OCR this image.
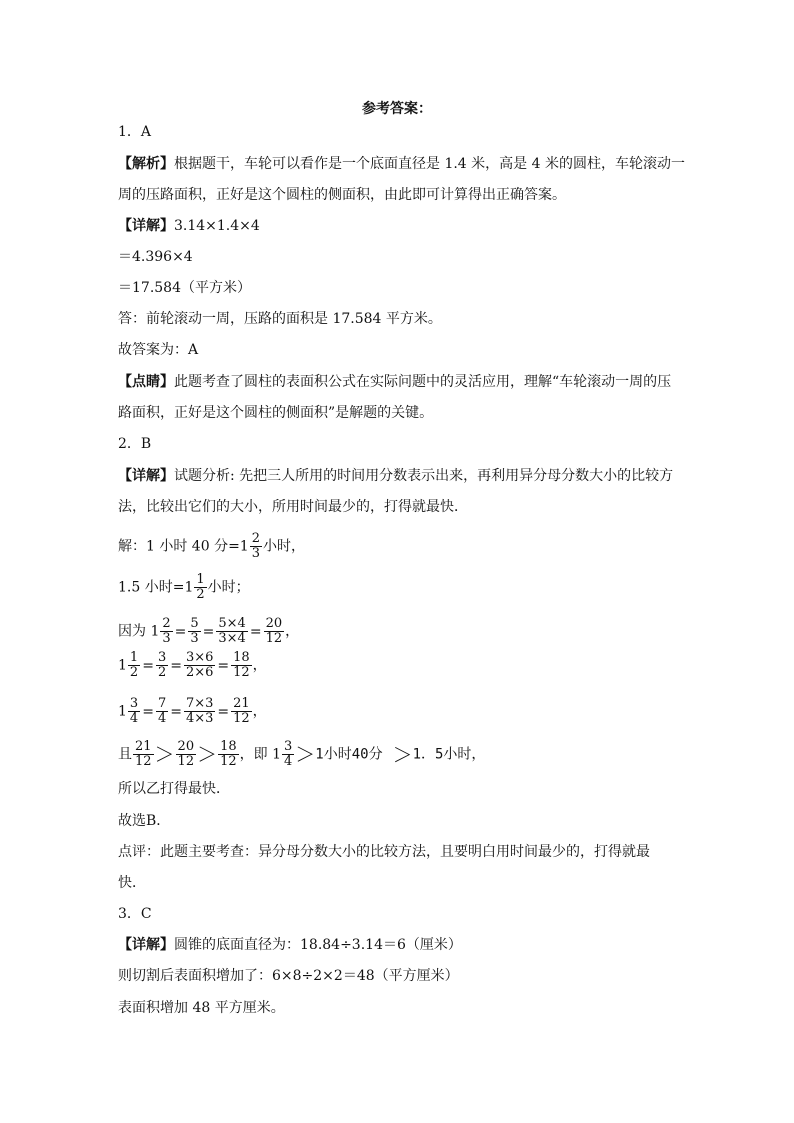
参考答案：
1．A
【解析】根据题干，车轮可以看作是一个底面直径是 1.4 米，高是 4 米的圆柱，车轮滚动一
周的压路面积，正好是这个圆柱的侧面积，由此即可计算得出正确答案。
【详解】3.14×1.4×4
＝4.396×4
＝17.584（平方米）
答：前轮滚动一周，压路的面积是 17.584 平方米。
故答案为：A
【点睛】此题考查了圆柱的表面积公式在实际问题中的灵活应用，理解“车轮滚动一周的压
路面积，正好是这个圆柱的侧面积”是解题的关键。
2．B
【详解】试题分析: 先把三人所用的时间用分数表示出来，再利用异分母分数大小的比较方
法，比较出它们的大小，所用时间最少的，打得就最快．
解：1 小时 40 分$=1 \frac{2}{3}$ 小时，
1.5 小时$=1 \frac{1}{2}$ 小时；
因为 $1 \frac{2}{3} = \frac{5}{3} = \frac{5\times 4}{3\times 4} = \frac{20}{12}$ ，
$1 \frac{1}{2} = \frac{3}{2} = \frac{3\times 6}{2\times 6} = \frac{18}{12}$ ，
$1 \frac{3}{4} = \frac{7}{4} = \frac{7\times 3}{4\times 3} = \frac{21}{12}$ ，
且 $\frac{21}{12} > \frac{20}{12} > \frac{18}{12}$ ，即 $1 \frac{3}{4} >1$小时40分 ＞1．5小时，
所以乙打得最快．
故选B．
点评：此题主要考查：异分母分数大小的比较方法，且要明白用时间最少的，打得就最
快．
3．C
【详解】圆锥的底面直径为：18.84÷3.14＝6（厘米）
则切割后表面积增加了：6×8÷2×2＝48（平方厘米）
表面积增加 48 平方厘米。
